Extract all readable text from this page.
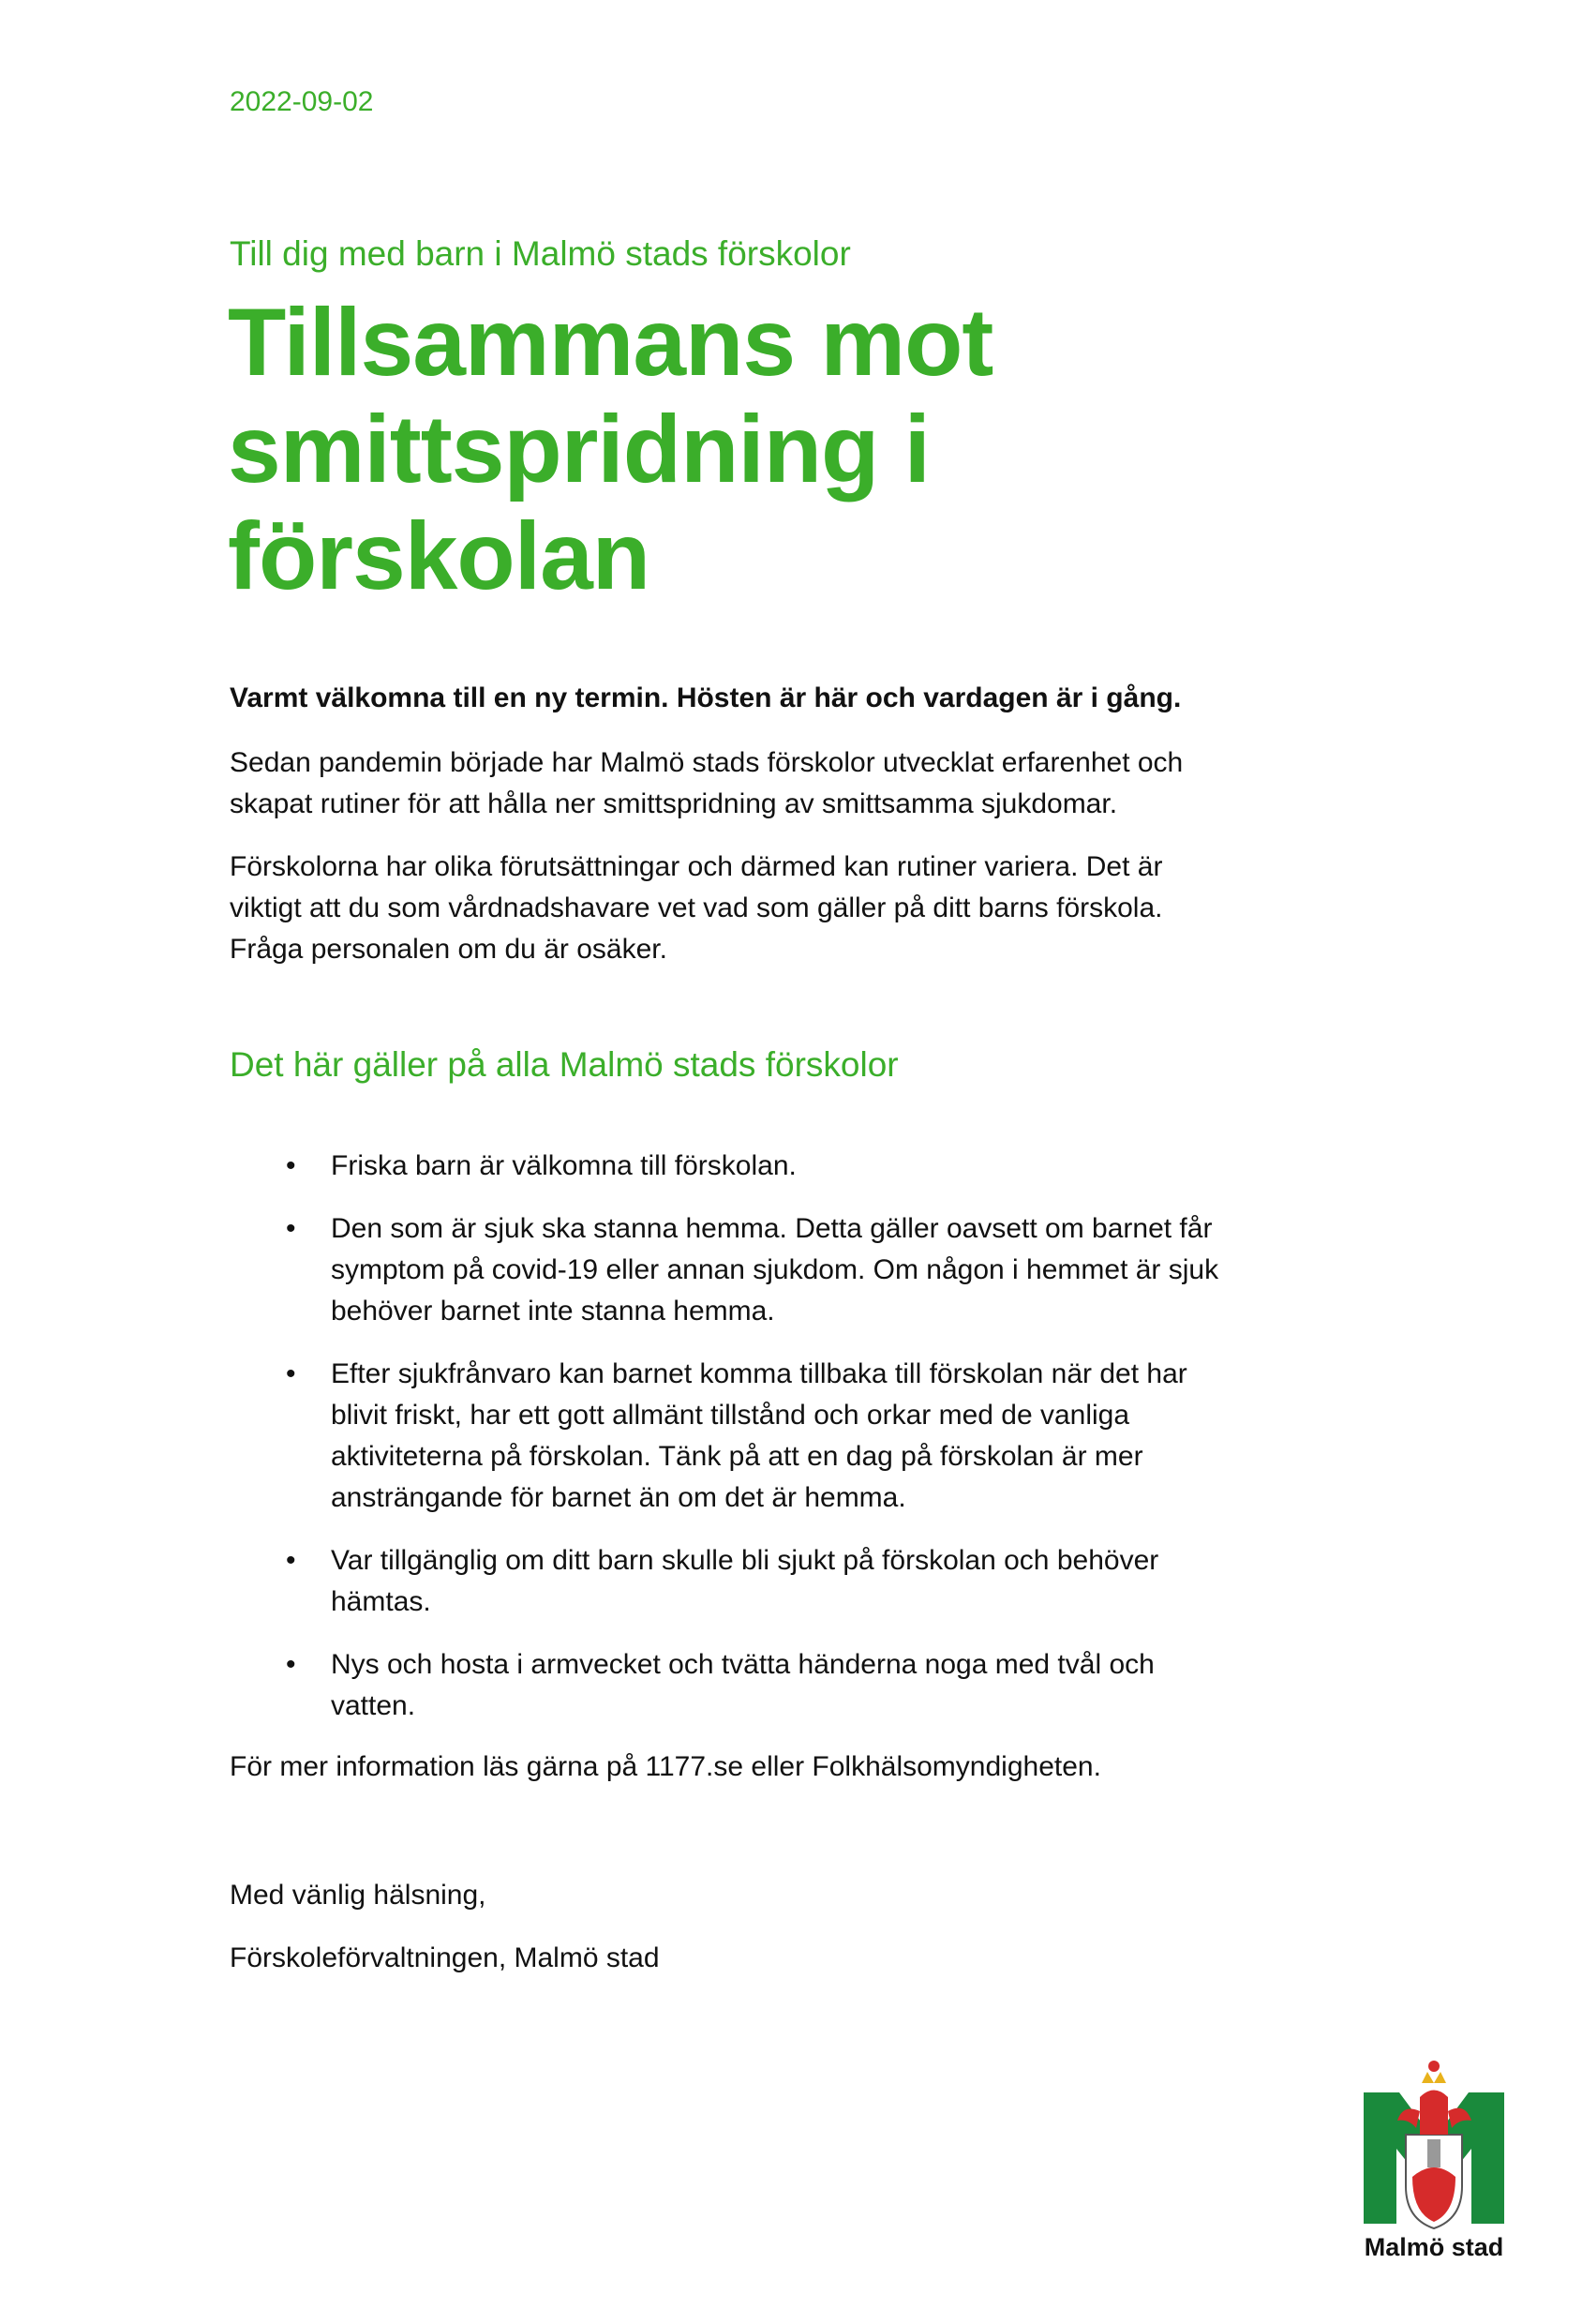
2022-09-02
Till dig med barn i Malmö stads förskolor
Tillsammans mot
smittspridning i
förskolan

Varmt välkomna till en ny termin. Hösten är här och vardagen är i gång.

Sedan pandemin började har Malmö stads förskolor utvecklat erfarenhet och
skapat rutiner för att hålla ner smittspridning av smittsamma sjukdomar.
Förskolorna har olika förutsättningar och därmed kan rutiner variera. Det är
viktigt att du som vårdnadshavare vet vad som gäller på ditt barns förskola.
Fråga personalen om du är osäker.
Det här gäller på alla Malmö stads förskolor
• Friska barn är välkomna till förskolan.
• Den som är sjuk ska stanna hemma. Detta gäller oavsett om barnet får
symptom på covid-19 eller annan sjukdom. Om någon i hemmet är sjuk
behöver barnet inte stanna hemma.
• Efter sjukfrånvaro kan barnet komma tillbaka till förskolan när det har
blivit friskt, har ett gott allmänt tillstånd och orkar med de vanliga
aktiviteterna på förskolan. Tänk på att en dag på förskolan är mer
ansträngande för barnet än om det är hemma.
• Var tillgänglig om ditt barn skulle bli sjukt på förskolan och behöver
hämtas.
• Nys och hosta i armvecket och tvätta händerna noga med tvål och
vatten.

För mer information läs gärna på 1177.se eller Folkhälsomyndigheten.

Med vänlig hälsning,

Förskoleförvaltningen, Malmö stad

Malmö stad
